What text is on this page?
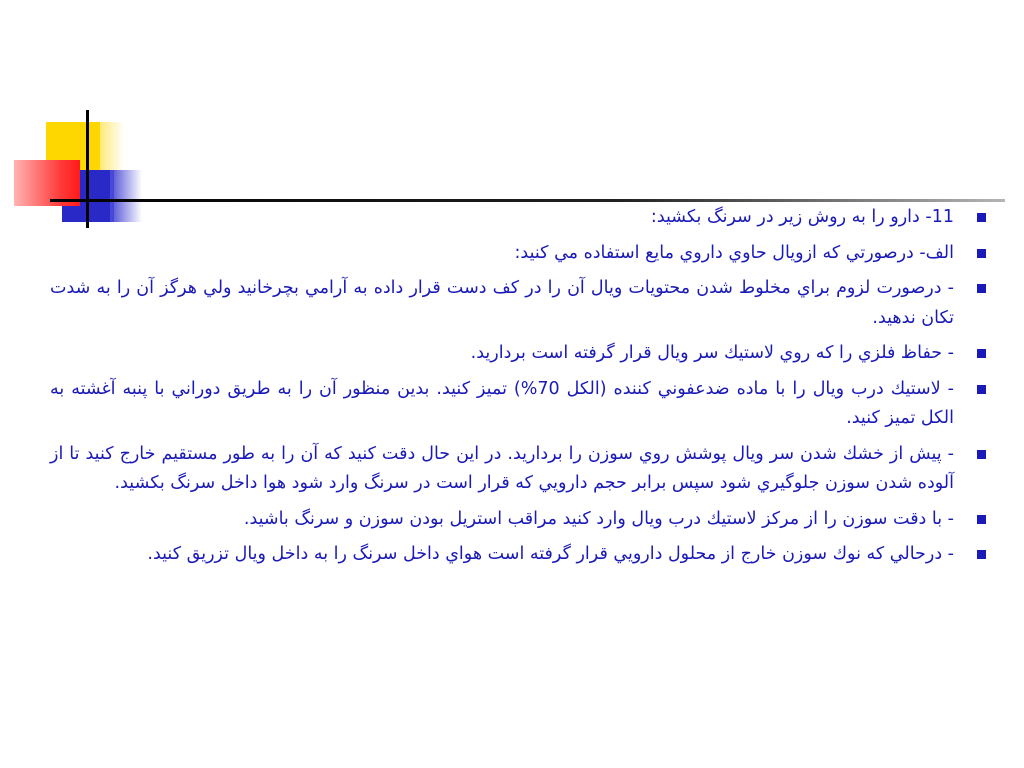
11- دارو را به روش زير در سرنگ بكشيد:
الف- درصورتي كه ازويال حاوي داروي مايع استفاده مي كنيد:
- درصورت لزوم براي مخلوط شدن محتويات ويال آن را در كف دست قرار داده به آرامي بچرخانيد ولي هرگز آن را به شدت تكان ندهيد.
- حفاظ فلزي را كه روي لاستيك سر ويال قرار گرفته است برداريد.
- لاستيك درب ويال را با ماده ضدعفوني كننده (الكل 70%) تميز كنيد. بدين منظور آن را به طريق دوراني با پنبه آغشته به الكل تميز كنيد.
- پيش از خشك شدن سر ويال پوشش روي سوزن را برداريد. در اين حال دقت كنيد كه آن را به طور مستقيم خارج كنيد تا از آلوده شدن سوزن جلوگيري شود سپس برابر حجم دارويي كه قرار است در سرنگ وارد شود هوا داخل سرنگ بكشيد.
- با دقت سوزن را از مركز لاستيك درب ويال وارد كنيد مراقب استريل بودن سوزن و سرنگ باشيد.
- درحالي كه نوك سوزن خارج از محلول دارويي قرار گرفته است هواي داخل سرنگ را به داخل ويال تزريق كنيد.
